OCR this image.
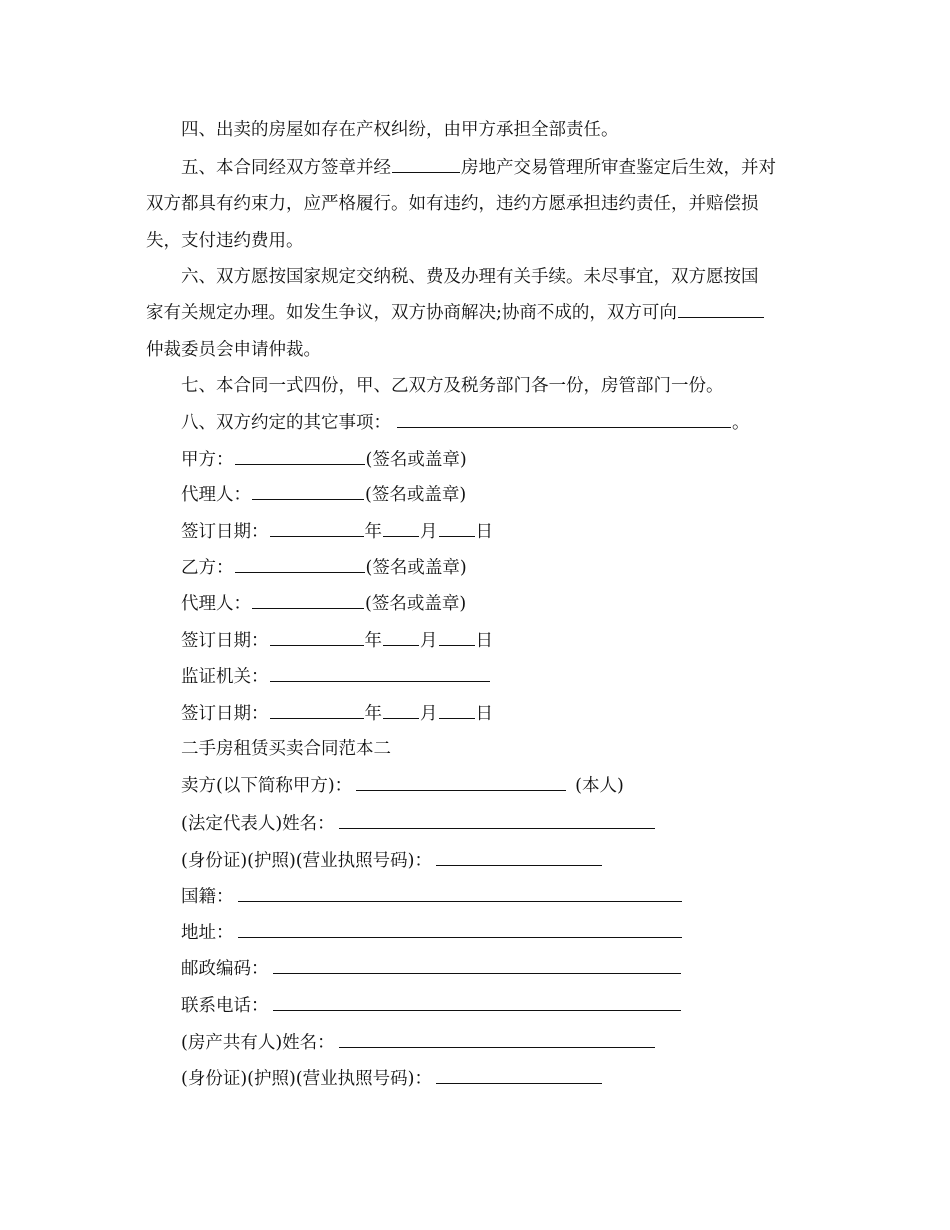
四、出卖的房屋如存在产权纠纷，由甲方承担全部责任。
五、本合同经双方签章并经	房地产交易管理所审查鉴定后生效，并对
双方都具有约束力，应严格履行。如有违约，违约方愿承担违约责任，并赔偿损
失，支付违约费用。
六、双方愿按国家规定交纳税、费及办理有关手续。未尽事宜，双方愿按国
家有关规定办理。如发生争议，双方协商解决;协商不成的，双方可向
仲裁委员会申请仲裁。
七、本合同一式四份，甲、乙双方及税务部门各一份，房管部门一份。
八、双方约定的其它事项：	。
甲方：	(签名或盖章)
代理人：	(签名或盖章)
签订日期：	年 月 日
乙方：	(签名或盖章)
代理人：	(签名或盖章)
签订日期：	年 月 日
监证机关：
签订日期：	年 月 日
二手房租赁买卖合同范本二
卖方(以下简称甲方)：	(本人)
(法定代表人)姓名：
(身份证)(护照)(营业执照号码)：
国籍：
地址：
邮政编码：
联系电话：
(房产共有人)姓名：
(身份证)(护照)(营业执照号码)：
